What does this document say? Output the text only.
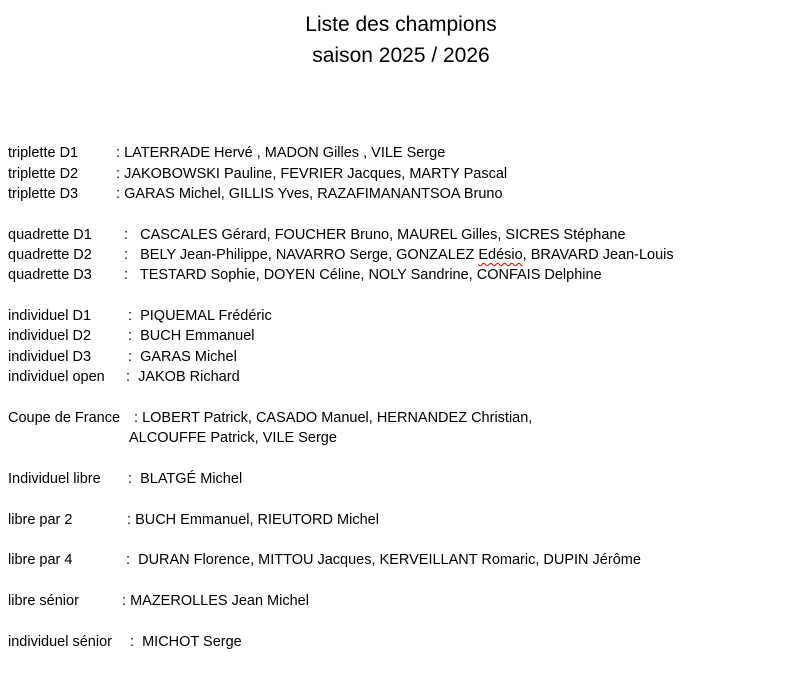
Liste des champions
saison 2025 / 2026
triplette D1	: LATERRADE Hervé , MADON Gilles , VILE Serge
triplette D2	: JAKOBOWSKI Pauline, FEVRIER Jacques, MARTY Pascal
triplette D3	: GARAS Michel, GILLIS Yves, RAZAFIMANANTSOA Bruno
quadrette D1 :   CASCALES Gérard, FOUCHER Bruno, MAUREL Gilles, SICRES Stéphane
quadrette D2 :   BELY Jean-Philippe, NAVARRO Serge, GONZALEZ Edésio, BRAVARD Jean-Louis
quadrette D3 :   TESTARD Sophie, DOYEN Céline, NOLY Sandrine, CONFAIS Delphine
individuel D1	:  PIQUEMAL Frédéric
individuel D2	:  BUCH Emmanuel
individuel D3	:  GARAS Michel
individuel open :  JAKOB Richard
Coupe de France : LOBERT Patrick, CASADO Manuel, HERNANDEZ Christian,
ALCOUFFE Patrick, VILE Serge
Individuel libre :  BLATGÉ Michel
libre par 2	: BUCH Emmanuel, RIEUTORD Michel
libre par 4	:  DURAN Florence, MITTOU Jacques, KERVEILLANT Romaric, DUPIN Jérôme
libre sénior	: MAZEROLLES Jean Michel
individuel sénior :  MICHOT Serge
